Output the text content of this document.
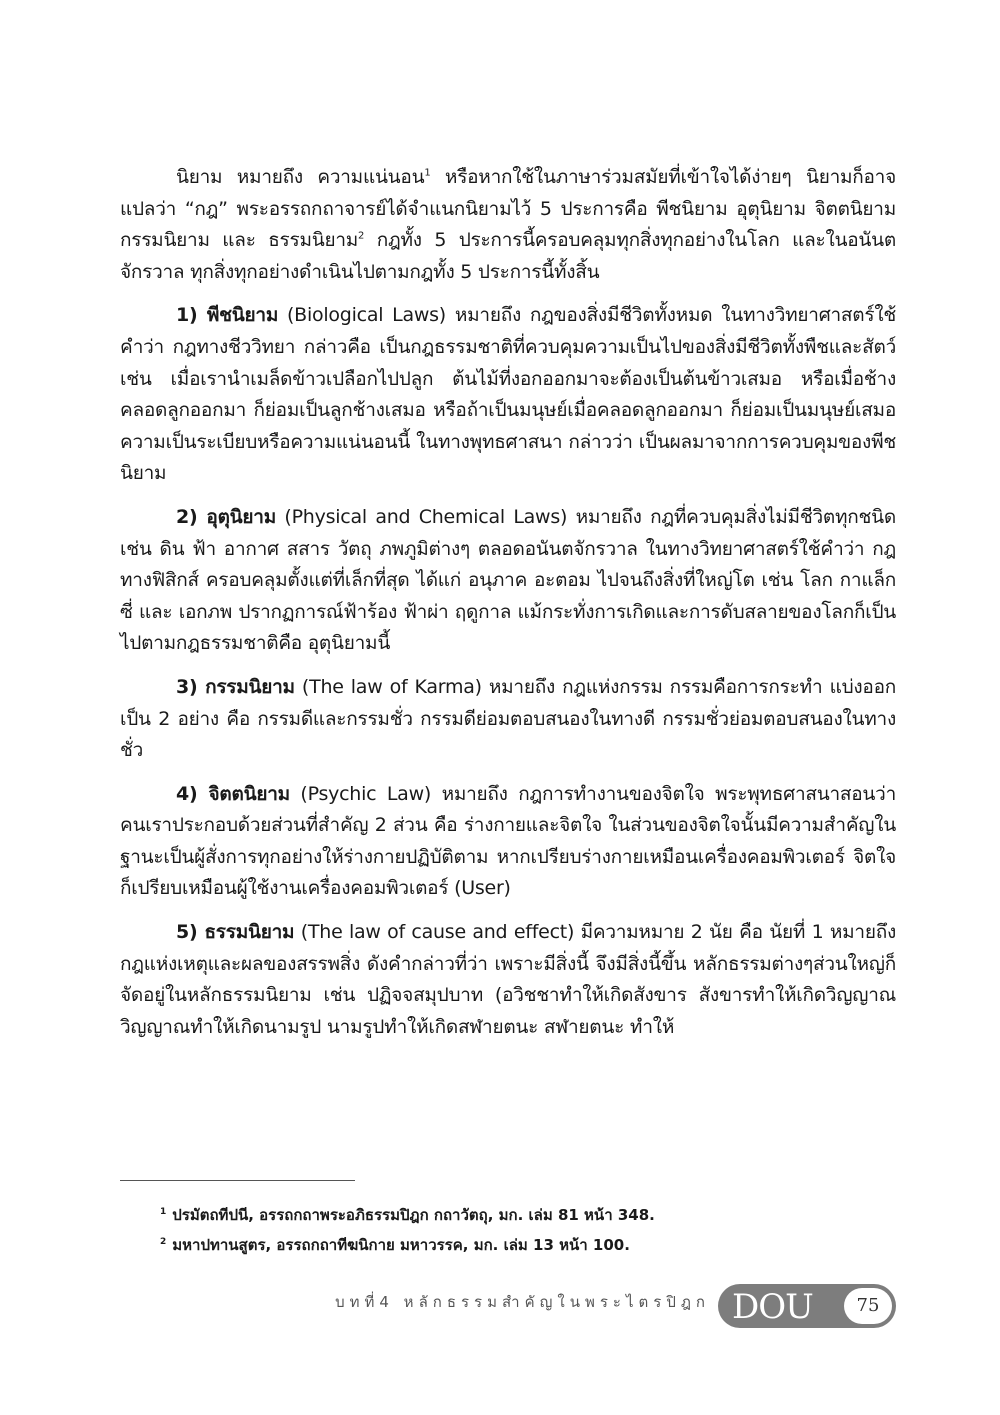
นิยาม หมายถึง ความแน่นอน$^1$ หรือหากใช้ในภาษาร่วมสมัยที่เข้าใจได้ง่ายๆ นิยามก็อาจแปลว่า “กฎ” พระอรรถกถาจารย์ได้จำแนกนิยามไว้ 5 ประการคือ พีชนิยาม อุตุนิยาม จิตตนิยาม กรรมนิยาม และ ธรรมนิยาม$^2$ กฎทั้ง 5 ประการนี้ครอบคลุมทุกสิ่งทุกอย่างในโลก และในอนันตจักรวาล ทุกสิ่งทุกอย่างดำเนินไปตามกฎทั้ง 5 ประการนี้ทั้งสิ้น

1) พีชนิยาม (Biological Laws) หมายถึง กฎของสิ่งมีชีวิตทั้งหมด ในทางวิทยาศาสตร์ใช้คำว่า กฎทางชีววิทยา กล่าวคือ เป็นกฎธรรมชาติที่ควบคุมความเป็นไปของสิ่งมีชีวิตทั้งพืชและสัตว์ เช่น เมื่อเรานำเมล็ดข้าวเปลือกไปปลูก ต้นไม้ที่งอกออกมาจะต้องเป็นต้นข้าวเสมอ หรือเมื่อช้างคลอดลูกออกมา ก็ย่อมเป็นลูกช้างเสมอ หรือถ้าเป็นมนุษย์เมื่อคลอดลูกออกมา ก็ย่อมเป็นมนุษย์เสมอ ความเป็นระเบียบหรือความแน่นอนนี้ ในทางพุทธศาสนา กล่าวว่า เป็นผลมาจากการควบคุมของพีชนิยาม

2) อุตุนิยาม (Physical and Chemical Laws) หมายถึง กฎที่ควบคุมสิ่งไม่มีชีวิตทุกชนิด เช่น ดิน ฟ้า อากาศ สสาร วัตถุ ภพภูมิต่างๆ ตลอดอนันตจักรวาล ในทางวิทยาศาสตร์ใช้คำว่า กฎทางฟิสิกส์ ครอบคลุมตั้งแต่ที่เล็กที่สุด ได้แก่ อนุภาค อะตอม ไปจนถึงสิ่งที่ใหญ่โต เช่น โลก กาแล็กซี่ และ เอกภพ ปรากฏการณ์ฟ้าร้อง ฟ้าผ่า ฤดูกาล แม้กระทั่งการเกิดและการดับสลายของโลกก็เป็นไปตามกฎธรรมชาติคือ อุตุนิยามนี้

3) กรรมนิยาม (The law of Karma) หมายถึง กฎแห่งกรรม กรรมคือการกระทำ แบ่งออกเป็น 2 อย่าง คือ กรรมดีและกรรมชั่ว กรรมดีย่อมตอบสนองในทางดี กรรมชั่วย่อมตอบสนองในทางชั่ว

4) จิตตนิยาม (Psychic Law) หมายถึง กฎการทำงานของจิตใจ พระพุทธศาสนาสอนว่า คนเราประกอบด้วยส่วนที่สำคัญ 2 ส่วน คือ ร่างกายและจิตใจ ในส่วนของจิตใจนั้นมีความสำคัญในฐานะเป็นผู้สั่งการทุกอย่างให้ร่างกายปฏิบัติตาม หากเปรียบร่างกายเหมือนเครื่องคอมพิวเตอร์ จิตใจก็เปรียบเหมือนผู้ใช้งานเครื่องคอมพิวเตอร์ (User)

5) ธรรมนิยาม (The law of cause and effect) มีความหมาย 2 นัย คือ นัยที่ 1 หมายถึง กฎแห่งเหตุและผลของสรรพสิ่ง ดังคำกล่าวที่ว่า เพราะมีสิ่งนี้ จึงมีสิ่งนี้ขึ้น หลักธรรมต่างๆส่วนใหญ่ก็จัดอยู่ในหลักธรรมนิยาม เช่น ปฏิจจสมุปบาท (อวิชชาทำให้เกิดสังขาร สังขารทำให้เกิดวิญญาณ วิญญาณทำให้เกิดนามรูป นามรูปทำให้เกิดสฬายตนะ สฬายตนะ ทำให้

$^1$ ปรมัตถทีปนี, อรรถกถาพระอภิธรรมปิฎก กถาวัตถุ, มก. เล่ม 81 หน้า 348.

$^2$ มหาปทานสูตร, อรรถกถาทีฆนิกาย มหาวรรค, มก. เล่ม 13 หน้า 100.

บทที่4 หลักธรรมสำคัญในพระไตรปิฎก DOU	75
